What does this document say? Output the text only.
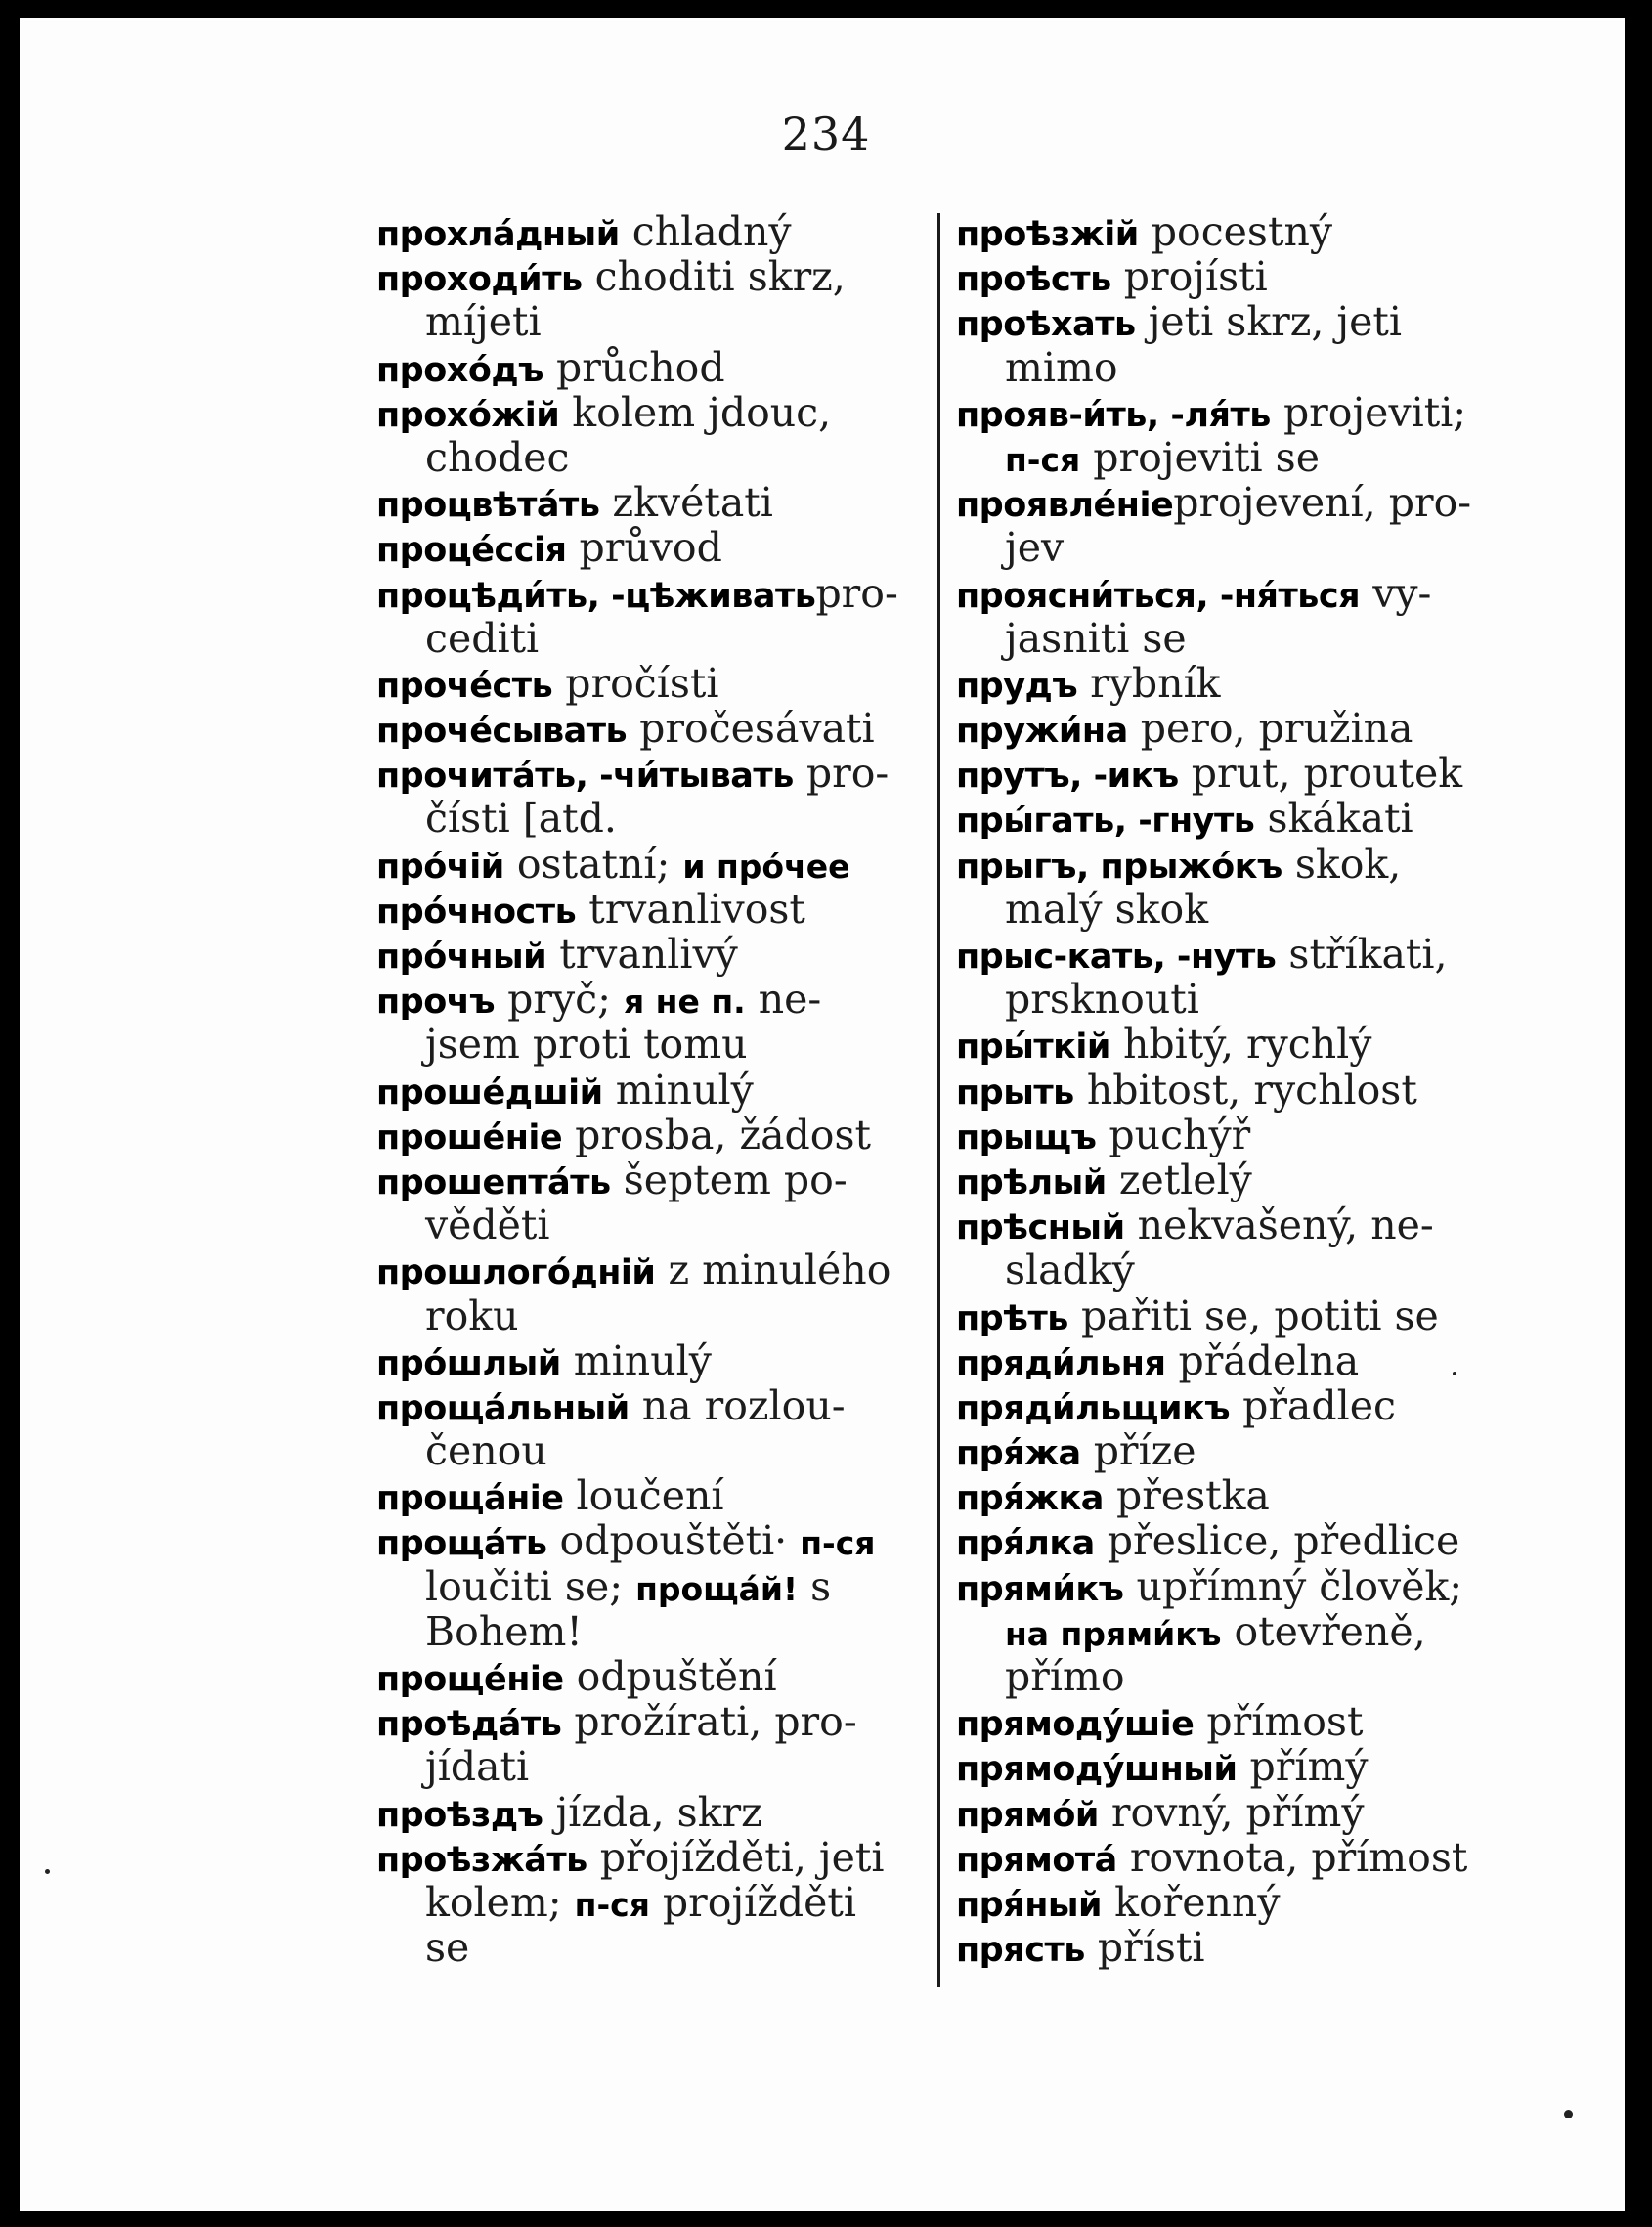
234
прохла́дный chladný
проходи́ть choditi skrz,
míjeti
прохо́дъ průchod
прохо́жій kolem jdouc,
chodec
процвѣта́ть zkvétati
проце́ссія průvod
процѣди́ть, -цѣживатьpro-
cediti
проче́сть pročísti
проче́сывать pročesávati
прочита́ть, -чи́тывать pro-
čísti [atd.
про́чій ostatní; и про́чее
про́чность trvanlivost
про́чный trvanlivý
прочъ pryč; я не п. ne-
jsem proti tomu
проше́дшій minulý
проше́ніе prosba, žádost
прошепта́ть šeptem po-
věděti
прошлогóдній z minulého
roku
про́шлый minulý
проща́льный na rozlou-
čenou
проща́ніе loučení
проща́ть odpouštěti· п-ся
loučiti se; проща́й! s
Bohem!
проще́ніе odpuštění
проѣда́ть prožírati, pro-
jídati
проѣздъ jízda, skrz
проѣзжа́ть přojížděti, jeti
kolem; п-ся projížděti
se
проѣзжій pocestný
проѣсть projísti
проѣхать jeti skrz, jeti
mimo
прояв-и́ть, -ля́ть projeviti;
п-ся projeviti se
проявле́ніеprojevení, pro-
jev
проясни́ться, -ня́ться vy-
jasniti se
прудъ rybník
пружи́на pero, pružina
прутъ, -икъ prut, proutek
пры́гать, -гнуть skákati
прыгъ, прыжо́къ skok,
malý skok
прыс-кать, -нуть stříkati,
prsknouti
пры́ткій hbitý, rychlý
прыть hbitost, rychlost
прыщъ puchýř
прѣлый zetlelý
прѣсный nekvašený, ne-
sladký
прѣть pařiti se, potiti se
пряди́льня přádelna
пряди́льщикъ přadlec
пря́жа příze
пря́жка přestka
пря́лка přeslice, předlice
прями́къ upřímný člověk;
на прями́къ otevřeně,
přímo
прямоду́шіе přímost
прямоду́шный přímý
прямо́й rovný, přímý
прямота́ rovnota, přímost
пря́ный kořenný
прясть přísti
